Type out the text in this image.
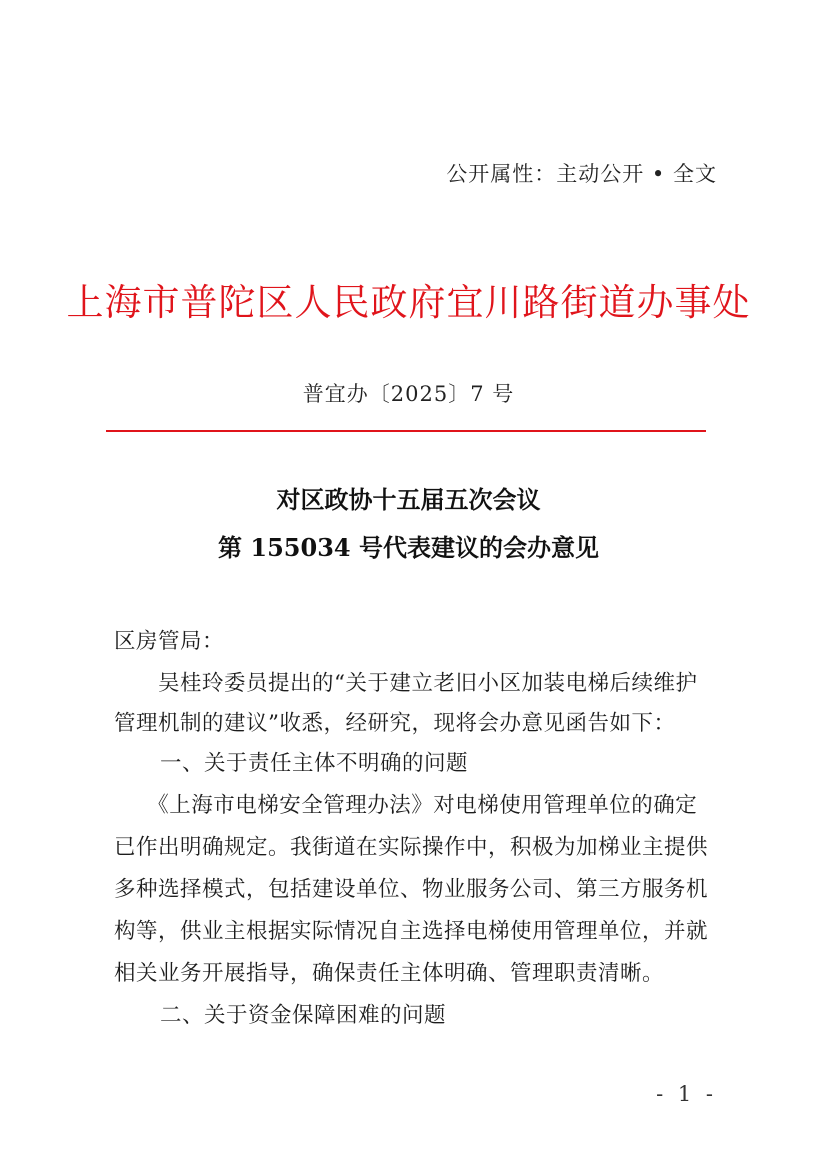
公开属性：主动公开 • 全文
上海市普陀区人民政府宜川路街道办事处
普宜办〔2025〕7 号
对区政协十五届五次会议
第 155034 号代表建议的会办意见
区房管局：
　　吴桂玲委员提出的“关于建立老旧小区加装电梯后续维护
管理机制的建议”收悉，经研究，现将会办意见函告如下：
一、关于责任主体不明确的问题
　　《上海市电梯安全管理办法》对电梯使用管理单位的确定
已作出明确规定。我街道在实际操作中，积极为加梯业主提供
多种选择模式，包括建设单位、物业服务公司、第三方服务机
构等，供业主根据实际情况自主选择电梯使用管理单位，并就
相关业务开展指导，确保责任主体明确、管理职责清晰。
二、关于资金保障困难的问题
- 1 -
